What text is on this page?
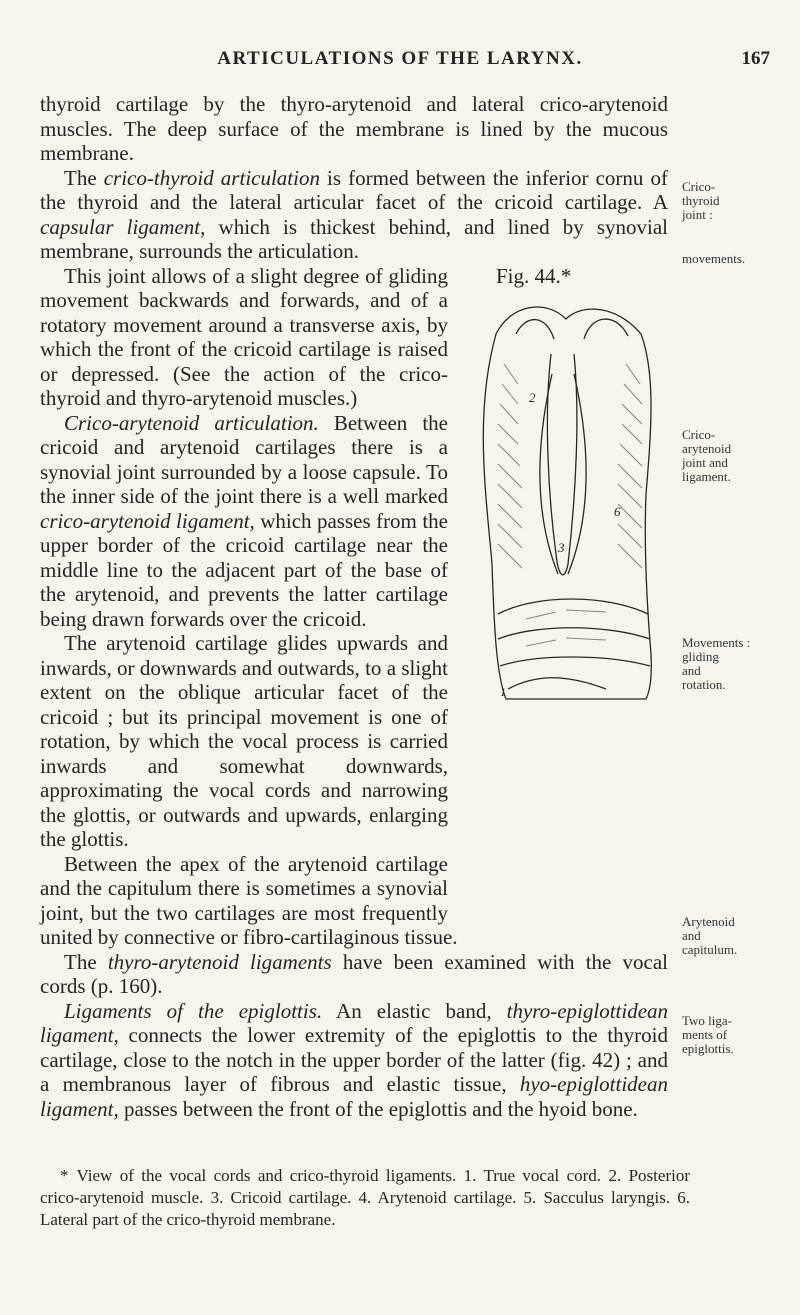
ARTICULATIONS OF THE LARYNX.	167

thyroid cartilage by the thyro-arytenoid and lateral crico-arytenoid muscles. The deep surface of the membrane is lined by the mucous membrane.

The crico-thyroid articulation is formed between the inferior cornu of the thyroid and the lateral articular facet of the cricoid cartilage. A capsular ligament, which is thickest behind, and lined by synovial membrane, surrounds the articulation.

Fig. 44.*
2
6
3
1

This joint allows of a slight degree of gliding movement backwards and forwards, and of a rotatory movement around a transverse axis, by which the front of the cricoid cartilage is raised or depressed. (See the action of the crico-thyroid and thyro-arytenoid muscles.)

Crico-arytenoid articulation. Between the cricoid and arytenoid cartilages there is a synovial joint surrounded by a loose capsule. To the inner side of the joint there is a well marked crico-arytenoid ligament, which passes from the upper border of the cricoid cartilage near the middle line to the adjacent part of the base of the arytenoid, and prevents the latter cartilage being drawn forwards over the cricoid.

The arytenoid cartilage glides upwards and inwards, or downwards and outwards, to a slight extent on the oblique articular facet of the cricoid ; but its principal movement is one of rotation, by which the vocal process is carried inwards and somewhat downwards, approximating the vocal cords and narrowing the glottis, or outwards and upwards, enlarging the glottis.

Between the apex of the arytenoid cartilage and the capitulum there is sometimes a synovial joint, but the two cartilages are most frequently united by connective or fibro-cartilaginous tissue.

The thyro-arytenoid ligaments have been examined with the vocal cords (p. 160).

Ligaments of the epiglottis. An elastic band, thyro-epiglottidean ligament, connects the lower extremity of the epiglottis to the thyroid cartilage, close to the notch in the upper border of the latter (fig. 42) ; and a membranous layer of fibrous and elastic tissue, hyo-epiglottidean ligament, passes between the front of the epiglottis and the hyoid bone.

Crico-
thyroid
joint :
movements.
Crico-
arytenoid
joint and
ligament.
Movements :
gliding
and
rotation.
Arytenoid
and
capitulum.
Two liga-
ments of
epiglottis.
* View of the vocal cords and crico-thyroid ligaments. 1. True vocal cord. 2. Posterior crico-arytenoid muscle. 3. Cricoid cartilage. 4. Arytenoid cartilage. 5. Sacculus laryngis. 6. Lateral part of the crico-thyroid membrane.
